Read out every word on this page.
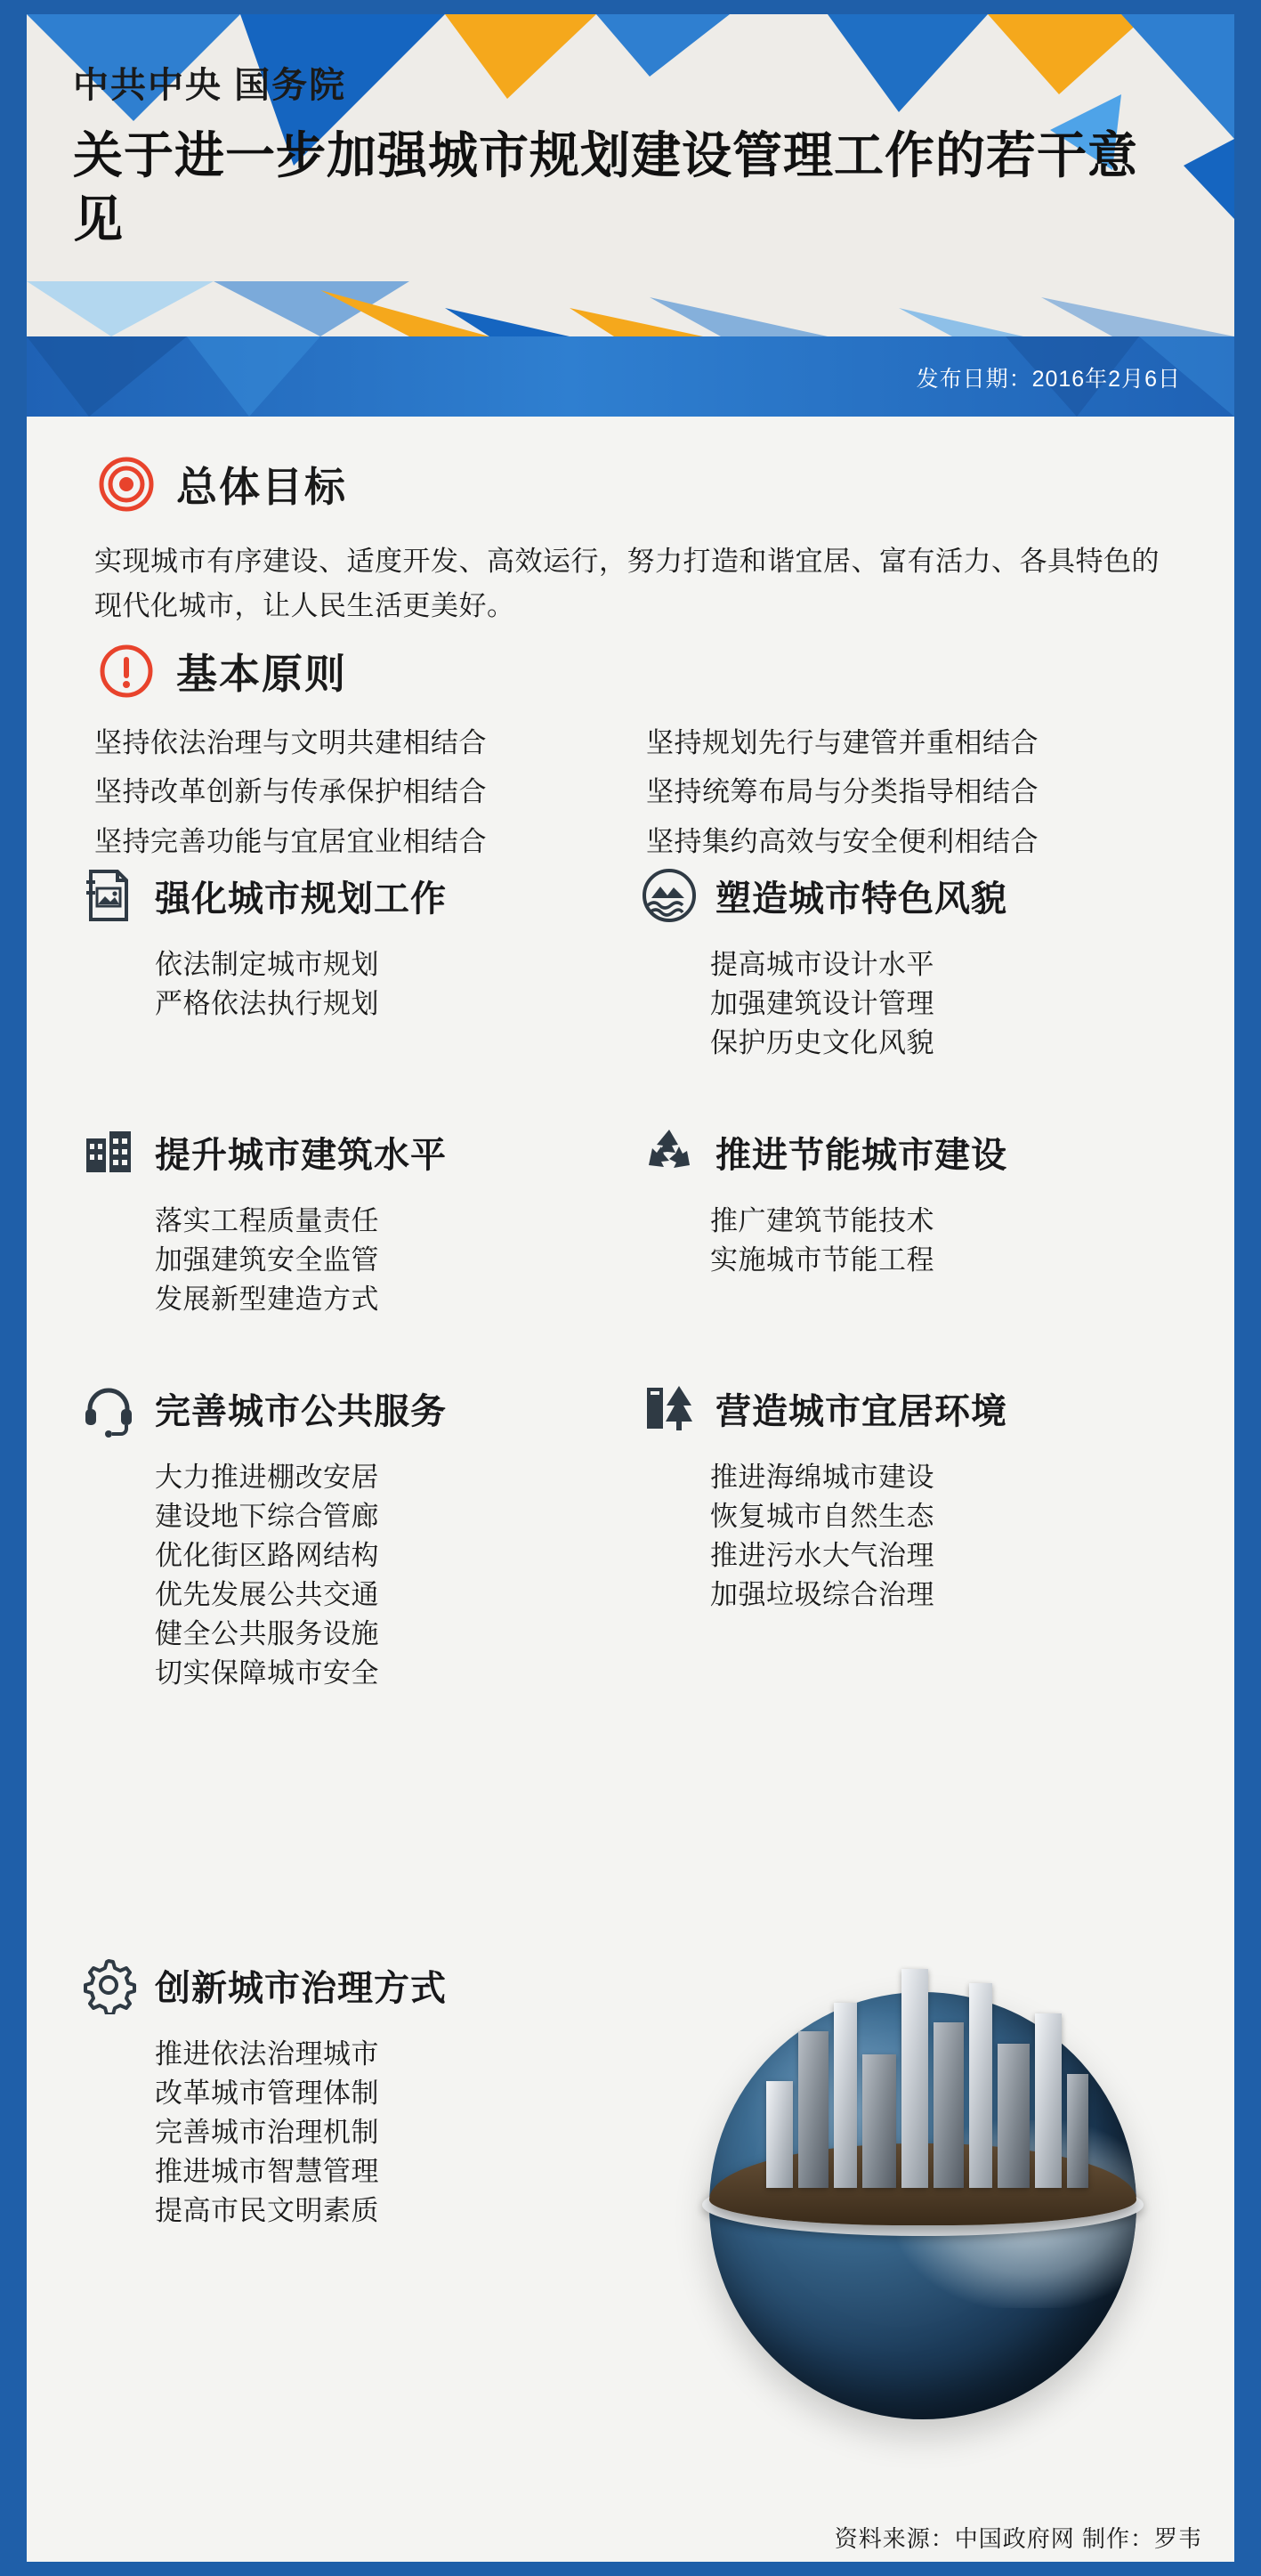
中共中央 国务院
关于进一步加强城市规划建设管理工作的若干意见
发布日期：2016年2月6日
总体目标
实现城市有序建设、适度开发、高效运行，努力打造和谐宜居、富有活力、各具特色的现代化城市，让人民生活更美好。
基本原则
坚持依法治理与文明共建相结合	坚持规划先行与建管并重相结合
坚持改革创新与传承保护相结合	坚持统筹布局与分类指导相结合
坚持完善功能与宜居宜业相结合	坚持集约高效与安全便利相结合
强化城市规划工作
依法制定城市规划
严格依法执行规划
塑造城市特色风貌
提高城市设计水平
加强建筑设计管理
保护历史文化风貌
提升城市建筑水平
落实工程质量责任
加强建筑安全监管
发展新型建造方式
推进节能城市建设
推广建筑节能技术
实施城市节能工程
完善城市公共服务
大力推进棚改安居
建设地下综合管廊
优化街区路网结构
优先发展公共交通
健全公共服务设施
切实保障城市安全
营造城市宜居环境
推进海绵城市建设
恢复城市自然生态
推进污水大气治理
加强垃圾综合治理
创新城市治理方式
推进依法治理城市
改革城市管理体制
完善城市治理机制
推进城市智慧管理
提高市民文明素质
资料来源：中国政府网 制作：罗韦
